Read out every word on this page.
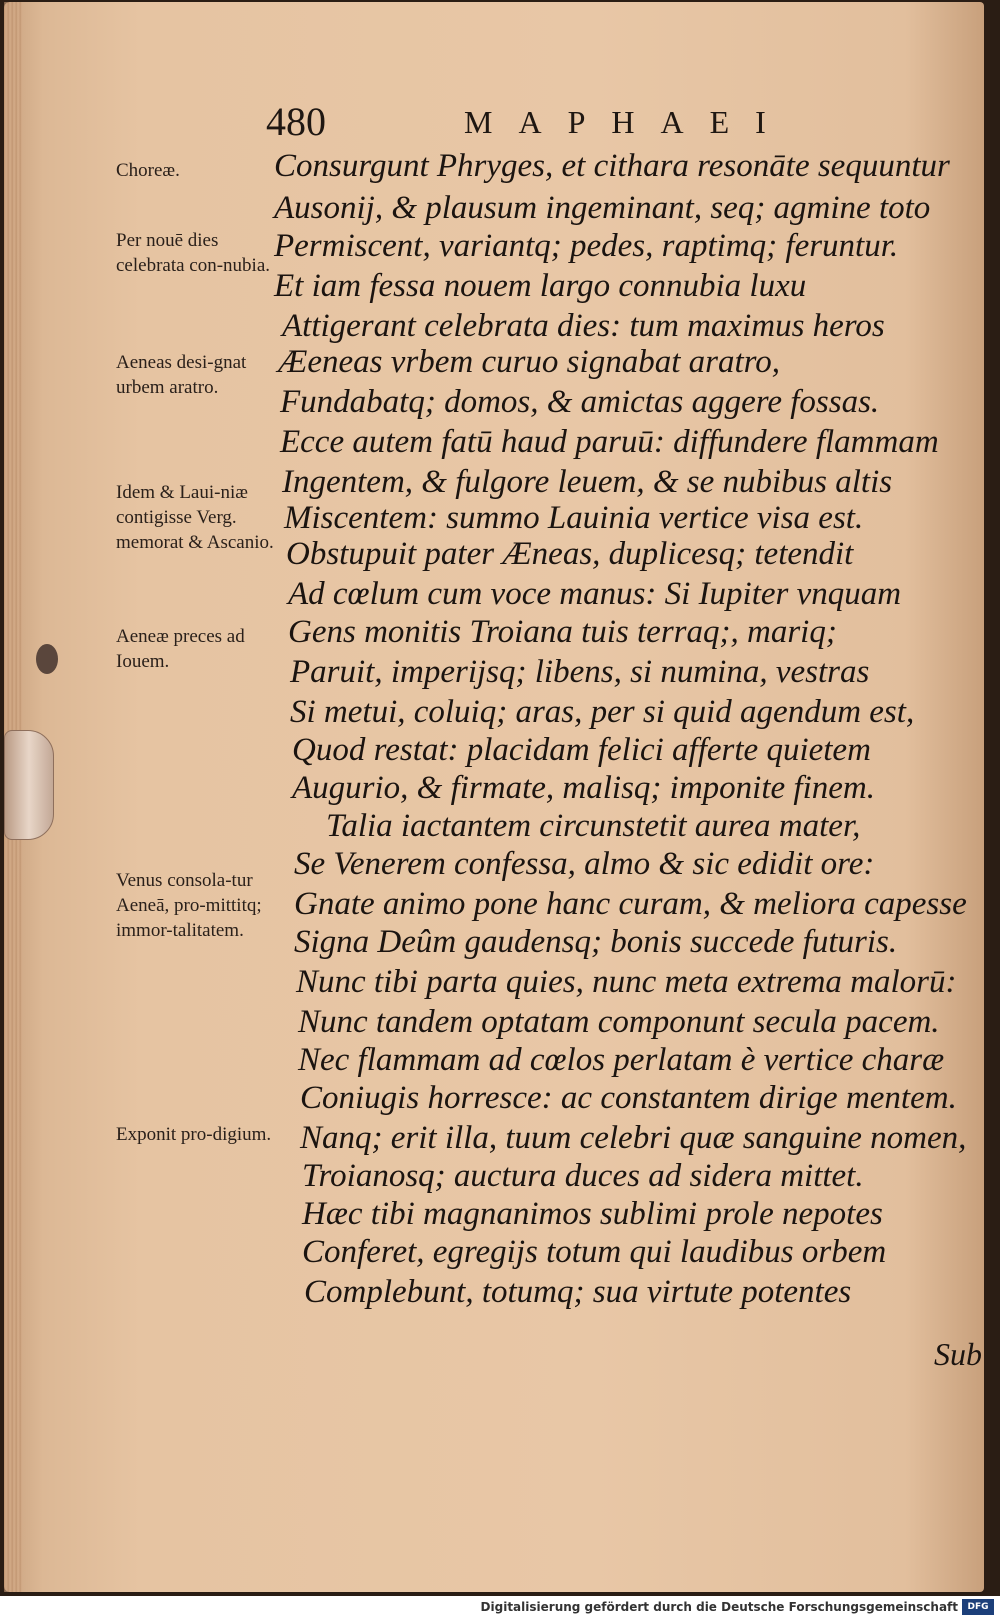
480	MAPHAEI
Choreæ.
Per nouē dies celebrata con-nubia.
Aeneas desi-gnat urbem aratro.
Idem & Laui-niæ contigisse Verg. memorat & Ascanio.
Aeneæ preces ad Iouem.
Venus consola-tur Aeneā, pro-mittitq; immor-talitatem.
Exponit pro-digium.
Consurgunt Phryges, et cithara resonāte sequuntur
Ausonij, & plausum ingeminant, seq; agmine toto
Permiscent, variantq; pedes, raptimq; feruntur.
Et iam fessa nouem largo connubia luxu
Attigerant celebrata dies: tum maximus heros
Æeneas vrbem curuo signabat aratro,
Fundabatq; domos, & amictas aggere fossas.
Ecce autem fatū haud paruū: diffundere flammam
Ingentem, & fulgore leuem, & se nubibus altis
Miscentem: summo Lauinia vertice visa est.
Obstupuit pater Æneas, duplicesq; tetendit
Ad cœlum cum voce manus: Si Iupiter vnquam
Gens monitis Troiana tuis terraq;, mariq;
Paruit, imperijsq; libens, si numina, vestras
Si metui, coluiq; aras, per si quid agendum est,
Quod restat: placidam felici afferte quietem
Augurio, & firmate, malisq; imponite finem.
Talia iactantem circunstetit aurea mater,
Se Venerem confessa, almo & sic edidit ore:
Gnate animo pone hanc curam, & meliora capesse
Signa Deûm gaudensq; bonis succede futuris.
Nunc tibi parta quies, nunc meta extrema malorū:
Nunc tandem optatam componunt secula pacem.
Nec flammam ad cœlos perlatam è vertice charæ
Coniugis horresce: ac constantem dirige mentem.
Nanq; erit illa, tuum celebri quæ sanguine nomen,
Troianosq; auctura duces ad sidera mittet.
Hæc tibi magnanimos sublimi prole nepotes
Conferet, egregijs totum qui laudibus orbem
Complebunt, totumq; sua virtute potentes
Sub
Digitalisierung gefördert durch die Deutsche Forschungsgemeinschaft	DFG
